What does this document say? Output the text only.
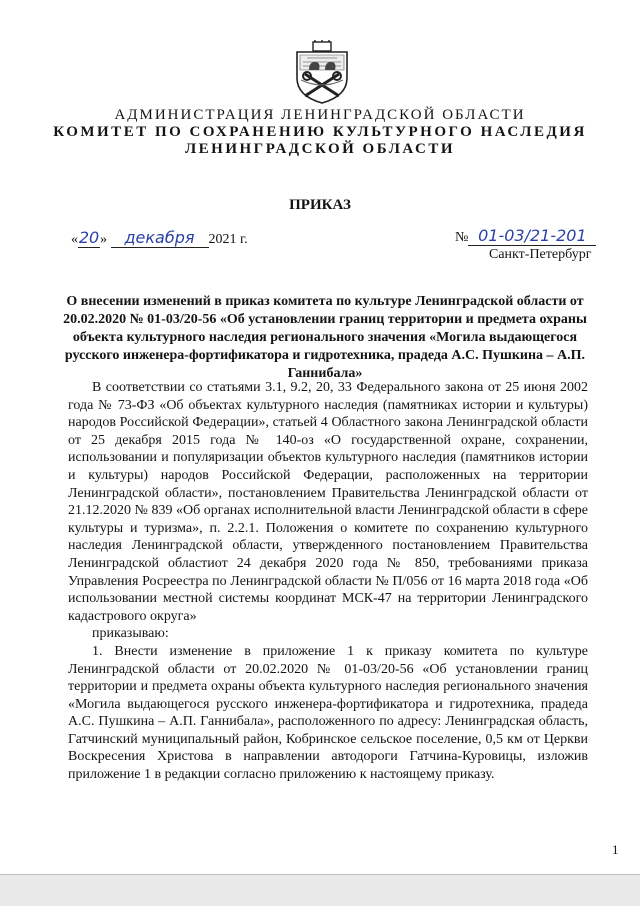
АДМИНИСТРАЦИЯ ЛЕНИНГРАДСКОЙ ОБЛАСТИ
КОМИТЕТ ПО СОХРАНЕНИЮ КУЛЬТУРНОГО НАСЛЕДИЯ
ЛЕНИНГРАДСКОЙ ОБЛАСТИ
ПРИКАЗ
«20» декабря 2021 г.	№ 01-03/21-201
Санкт-Петербург
О внесении изменений в приказ комитета по культуре Ленинградской области от 20.02.2020 № 01-03/20-56 «Об установлении границ территории и предмета охраны объекта культурного наследия регионального значения «Могила выдающегося русского инженера-фортификатора и гидротехника, прадеда А.С. Пушкина – А.П. Ганнибала»

В соответствии со статьями 3.1, 9.2, 20, 33 Федерального закона от 25 июня 2002 года № 73-ФЗ «Об объектах культурного наследия (памятниках истории и культуры) народов Российской Федерации», статьей 4 Областного закона Ленинградской области от 25 декабря 2015 года № 140-оз «О государственной охране, сохранении, использовании и популяризации объектов культурного наследия (памятников истории и культуры) народов Российской Федерации, расположенных на территории Ленинградской области», постановлением Правительства Ленинградской области от 21.12.2020 № 839 «Об органах исполнительной власти Ленинградской области в сфере культуры и туризма», п. 2.2.1. Положения о комитете по сохранению культурного наследия Ленинградской области, утвержденного постановлением Правительства Ленинградской областиот 24 декабря 2020 года № 850, требованиями приказа Управления Росреестра по Ленинградской области № П/056 от 16 марта 2018 года «Об использовании местной системы координат МСК-47 на территории Ленинградского кадастрового округа»

приказываю:

1. Внести изменение в приложение 1 к приказу комитета по культуре Ленинградской области от 20.02.2020 № 01-03/20-56 «Об установлении границ территории и предмета охраны объекта культурного наследия регионального значения «Могила выдающегося русского инженера-фортификатора и гидротехника, прадеда А.С. Пушкина – А.П. Ганнибала», расположенного по адресу: Ленинградская область, Гатчинский муниципальный район, Кобринское сельское поселение, 0,5 км от Церкви Воскресения Христова в направлении автодороги Гатчина-Куровицы, изложив приложение 1 в редакции согласно приложению к настоящему приказу.

1
